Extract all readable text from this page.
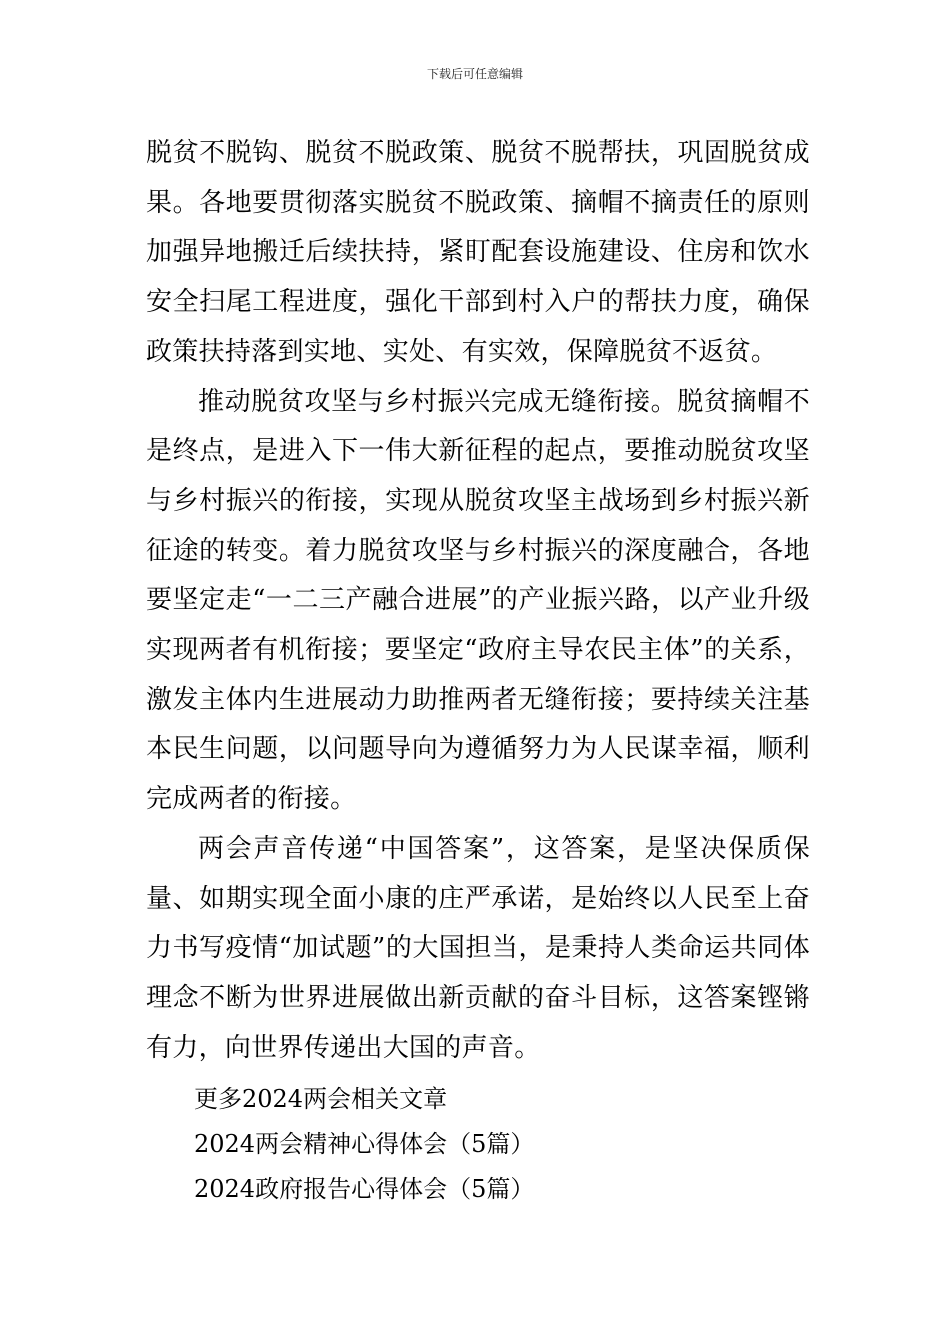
下载后可任意编辑

脱贫不脱钩、脱贫不脱政策、脱贫不脱帮扶，巩固脱贫成果。各地要贯彻落实脱贫不脱政策、摘帽不摘责任的原则加强异地搬迁后续扶持，紧盯配套设施建设、住房和饮水安全扫尾工程进度，强化干部到村入户的帮扶力度，确保政策扶持落到实地、实处、有实效，保障脱贫不返贫。

推动脱贫攻坚与乡村振兴完成无缝衔接。脱贫摘帽不是终点，是进入下一伟大新征程的起点，要推动脱贫攻坚与乡村振兴的衔接，实现从脱贫攻坚主战场到乡村振兴新征途的转变。着力脱贫攻坚与乡村振兴的深度融合，各地要坚定走“一二三产融合进展”的产业振兴路，以产业升级实现两者有机衔接；要坚定“政府主导农民主体”的关系，激发主体内生进展动力助推两者无缝衔接；要持续关注基本民生问题，以问题导向为遵循努力为人民谋幸福，顺利完成两者的衔接。

两会声音传递“中国答案”，这答案，是坚决保质保量、如期实现全面小康的庄严承诺，是始终以人民至上奋力书写疫情“加试题”的大国担当，是秉持人类命运共同体理念不断为世界进展做出新贡献的奋斗目标，这答案铿锵有力，向世界传递出大国的声音。

更多2024两会相关文章
2024两会精神心得体会（5篇）
2024政府报告心得体会（5篇）
